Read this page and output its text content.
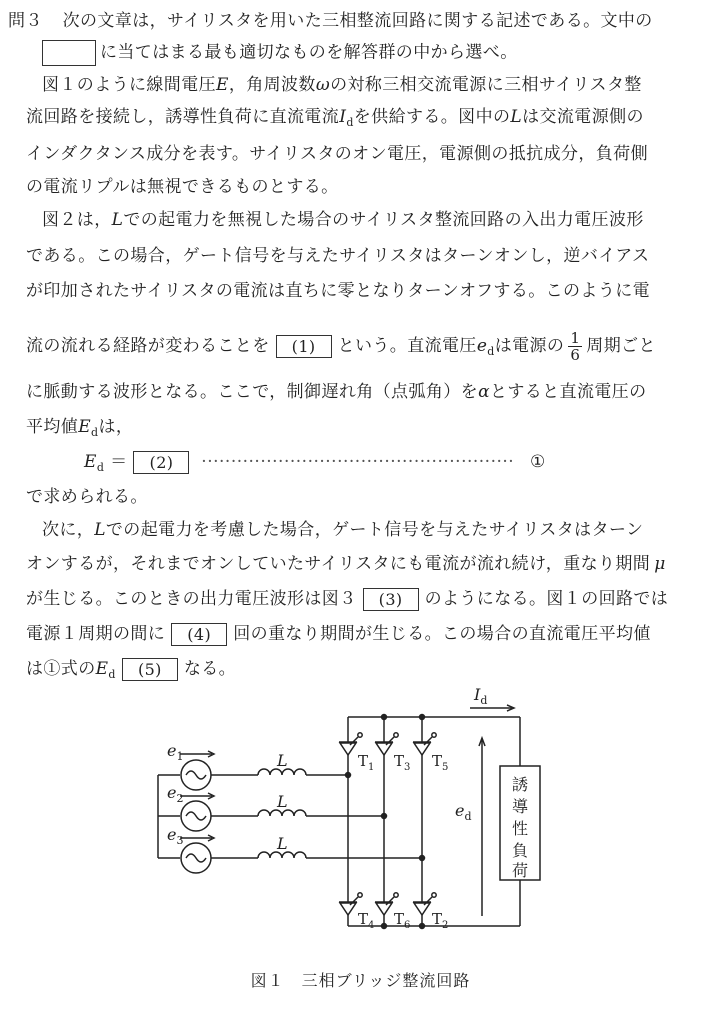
問３ 次の文章は，サイリスタを用いた三相整流回路に関する記述である。文中の
に当てはまる最も適切なものを解答群の中から選べ。
図１のように線間電圧E，角周波数ωの対称三相交流電源に三相サイリスタ整
流回路を接続し，誘導性負荷に直流電流$I_d$を供給する。図中のLは交流電源側の
インダクタンス成分を表す。サイリスタのオン電圧，電源側の抵抗成分，負荷側
の電流リプルは無視できるものとする。
図２は，Lでの起電力を無視した場合のサイリスタ整流回路の入出力電圧波形
である。この場合，ゲート信号を与えたサイリスタはターンオンし，逆バイアス
が印加されたサイリスタの電流は直ちに零となりターンオフする。このように電
流の流れる経路が変わることを (1) という。直流電圧$e_d$は電源の $\frac{1}{6}$ 周期ごと
に脈動する波形となる。ここで，制御遅れ角（点弧角）をαとすると直流電圧の
平均値$E_d$は，
$E_d = (2)$ ····················································· ①
で求められる。
次に，Lでの起電力を考慮した場合，ゲート信号を与えたサイリスタはターン
オンするが，それまでオンしていたサイリスタにも電流が流れ続け，重なり期間 μ
が生じる。このときの出力電圧波形は図３ (3) のようになる。図１の回路では
電源１周期の間に (4) 回の重なり期間が生じる。この場合の直流電圧平均値
は①式の$E_d$ (5) なる。
$I_d$
$e_d$
L
L
L
$e_1$
$e_2$
$e_3$
$T_1$ $T_3$ $T_5$
$T_4$ $T_6$ $T_2$
誘
導
性
負
荷
図１　三相ブリッジ整流回路
